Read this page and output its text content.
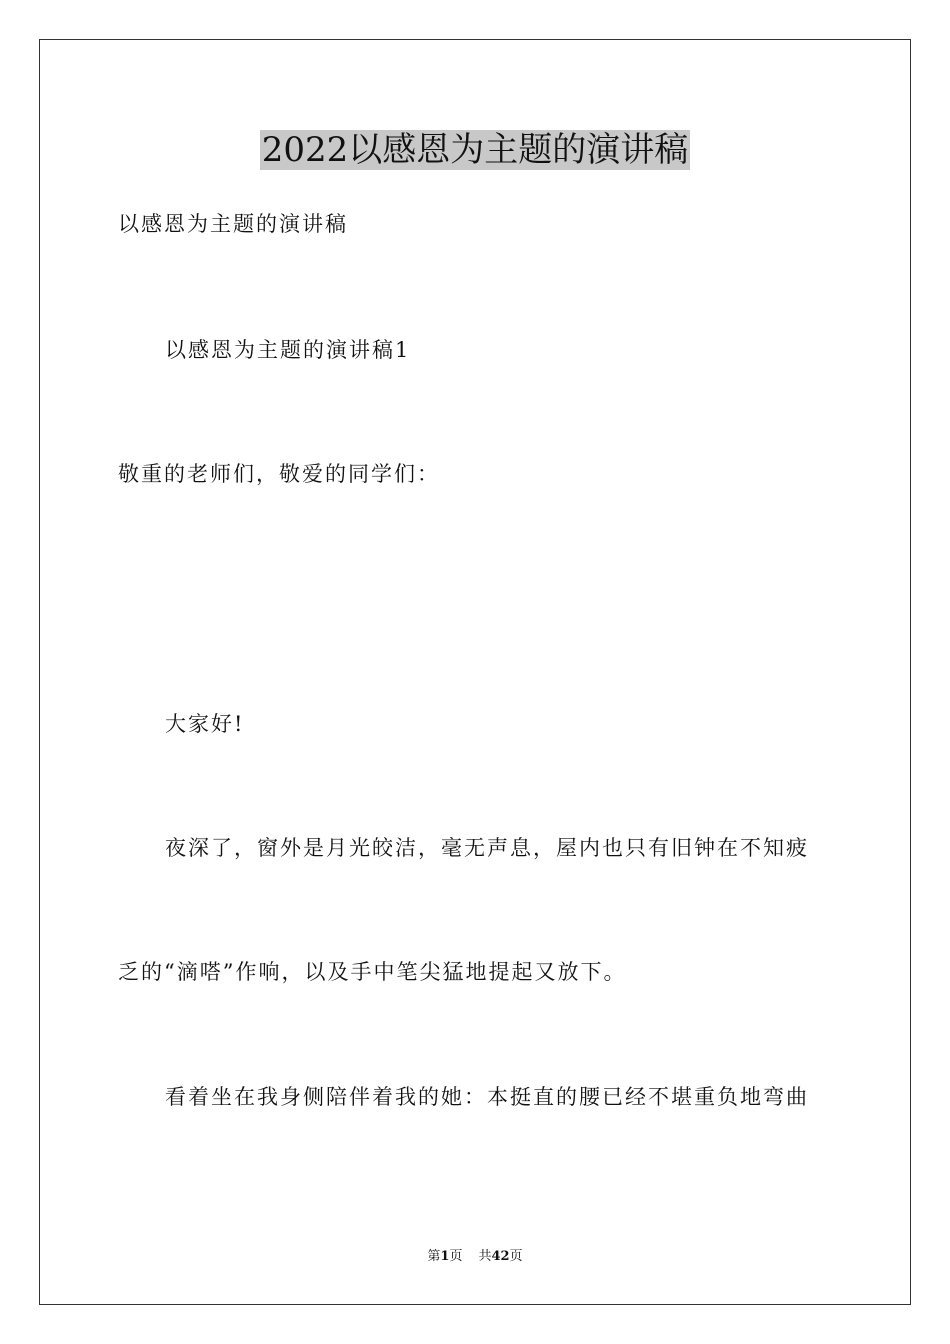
2022以感恩为主题的演讲稿

以感恩为主题的演讲稿

以感恩为主题的演讲稿1

敬重的老师们，敬爱的同学们：

大家好!

夜深了，窗外是月光皎洁，毫无声息，屋内也只有旧钟在不知疲

乏的“滴嗒”作响，以及手中笔尖猛地提起又放下。

看着坐在我身侧陪伴着我的她：本挺直的腰已经不堪重负地弯曲

第1页 共42页
